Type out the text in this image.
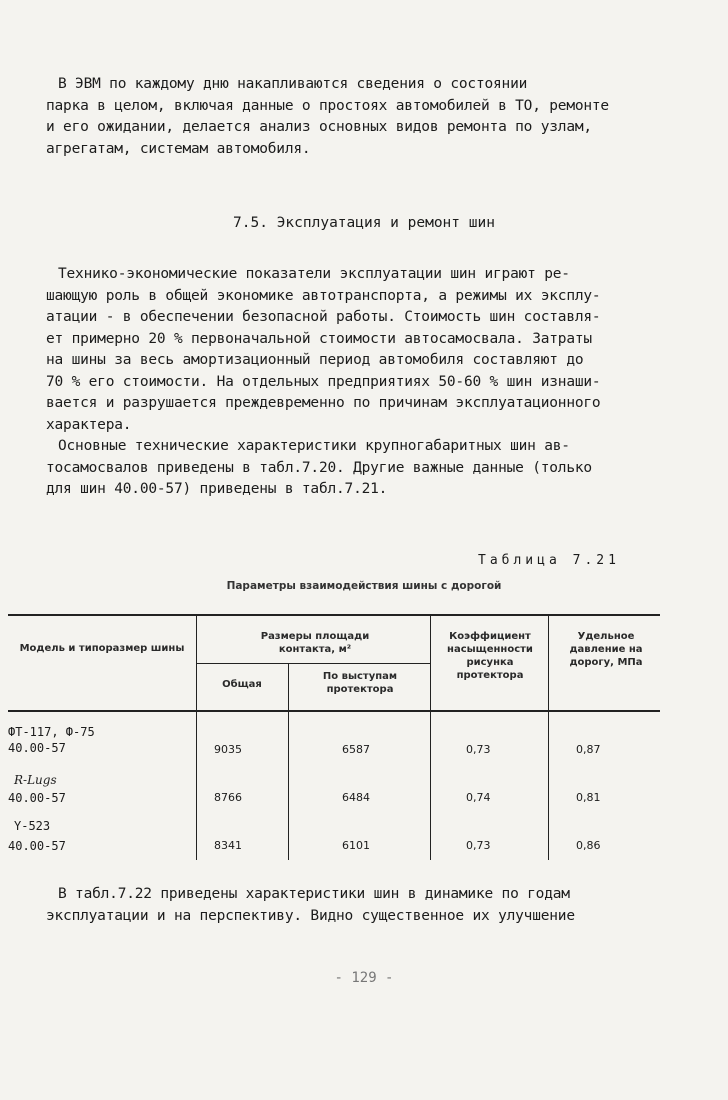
В ЭВМ по каждому дню накапливаются сведения о состоянии
парка в целом, включая данные о простоях автомобилей в ТО, ремонте
и его ожидании, делается анализ основных видов ремонта по узлам,
агрегатам, системам автомобиля.
7.5. Эксплуатация и ремонт шин
Технико-экономические показатели эксплуатации шин играют ре-
шающую роль в общей экономике автотранспорта, а режимы их эксплу-
атации - в обеспечении безопасной работы. Стоимость шин составля-
ет примерно 20 % первоначальной стоимости автосамосвала. Затраты
на шины за весь амортизационный период автомобиля составляют до
70 % его стоимости. На отдельных предприятиях 50-60 % шин изнаши-
вается и разрушается преждевременно по причинам эксплуатационного
характера.
Основные технические характеристики крупногабаритных шин ав-
тосамосвалов приведены в табл.7.20. Другие важные данные (только
для шин 40.00-57) приведены в табл.7.21.
Таблица 7.21
Параметры взаимодействия шины с дорогой
Модель и типоразмер шины
Размеры площади контакта, м²
Общая
По выступам протектора
Коэффициент насыщенности рисунка протектора
Удельное давление на дорогу, МПа
ФТ-117, Ф-75
40.00-57	9035	6587	0,73	0,87
R-Lugs
40.00-57	8766	6484	0,74	0,81
Y-523
40.00-57	8341	6101	0,73	0,86
В табл.7.22 приведены характеристики шин в динамике по годам
эксплуатации и на перспективу. Видно существенное их улучшение
- 129 -
